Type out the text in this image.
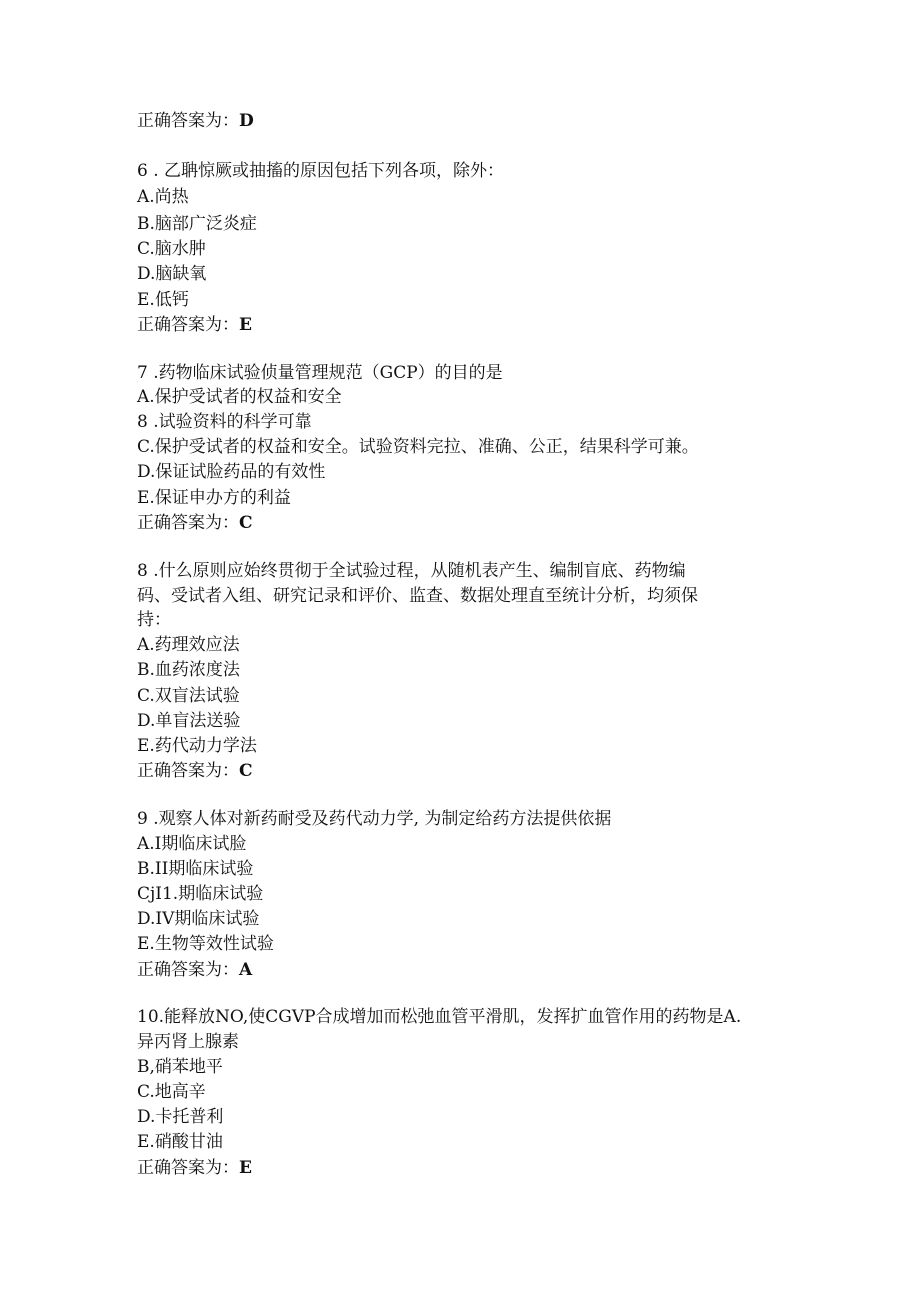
正确答案为：D
6 . 乙聃惊厥或抽搐的原因包括下列各项，除外：
A.尚热
B.脑部广泛炎症
C.脑水肿
D.脑缺氧
E.低钙
正确答案为：E
7 .药物临床试验侦量管理规范（GCP）的目的是
A.保护受试者的权益和安全
8 .试验资料的科学可靠
C.保护受试者的权益和安全。试验资料完拉、准确、公正，结果科学可兼。
D.保证试脸药品的有效性
E.保证申办方的利益
正确答案为：C
8 .什么原则应始终贯彻于全试验过程，从随机表产生、编制盲底、药物编
码、受试者入组、研究记录和评价、监查、数据处理直至统计分析，均须保
持：
A.药理效应法
B.血药浓度法
C.双盲法试验
D.单盲法送验
E.药代动力学法
正确答案为：C
9 .观察人体对新药耐受及药代动力学, 为制定给药方法提供依据
A.I期临床试脸
B.II期临床试验
CjI1.期临床试验
D.IV期临床试验
E.生物等效性试验
正确答案为：A
10.能释放NO,使CGVP合成增加而松弛血管平滑肌，发挥扩血管作用的药物是A.
异丙肾上腺素
B,硝苯地平
C.地高辛
D.卡托普利
E.硝酸甘油
正确答案为：E
